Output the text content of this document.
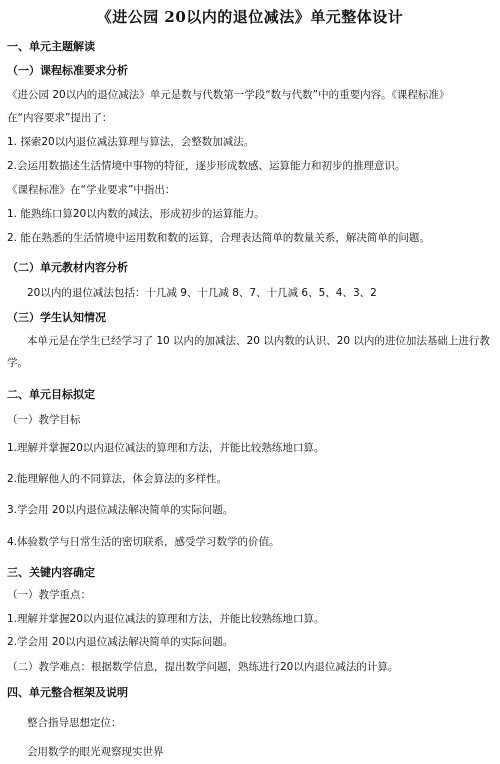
《进公园 20以内的退位减法》单元整体设计
一、单元主题解读
（一）课程标准要求分析
《进公园 20以内的退位减法》单元是数与代数第一学段“数与代数”中的重要内容。《课程标准》
在“内容要求”提出了：
1. 探索20以内退位减法算理与算法，会整数加减法。
2.会运用数描述生活情境中事物的特征，逐步形成数感、运算能力和初步的推理意识。
《课程标准》在“学业要求”中指出：
1. 能熟练口算20以内数的减法，形成初步的运算能力。
2. 能在熟悉的生活情境中运用数和数的运算，合理表达简单的数量关系，解决简单的问题。
（二）单元教材内容分析
20以内的退位减法包括：十几减 9、十几减 8、7、十几减 6、5、4、3、2
（三）学生认知情况
本单元是在学生已经学习了 10 以内的加减法、20 以内数的认识、20 以内的进位加法基础上进行教学。
二、单元目标拟定
（一）教学目标
1.理解并掌握20以内退位减法的算理和方法，并能比较熟练地口算。
2.能理解他人的不同算法，体会算法的多样性。
3.学会用 20以内退位减法解决简单的实际问题。
4.体验数学与日常生活的密切联系，感受学习数学的价值。
三、关键内容确定
（一）教学重点：
1.理解并掌握20以内退位减法的算理和方法，并能比较熟练地口算。
2.学会用 20以内退位减法解决简单的实际问题。
（二）教学难点：根据数学信息，提出数学问题，熟练进行20以内退位减法的计算。
四、单元整合框架及说明
整合指导思想定位：
会用数学的眼光观察现实世界
